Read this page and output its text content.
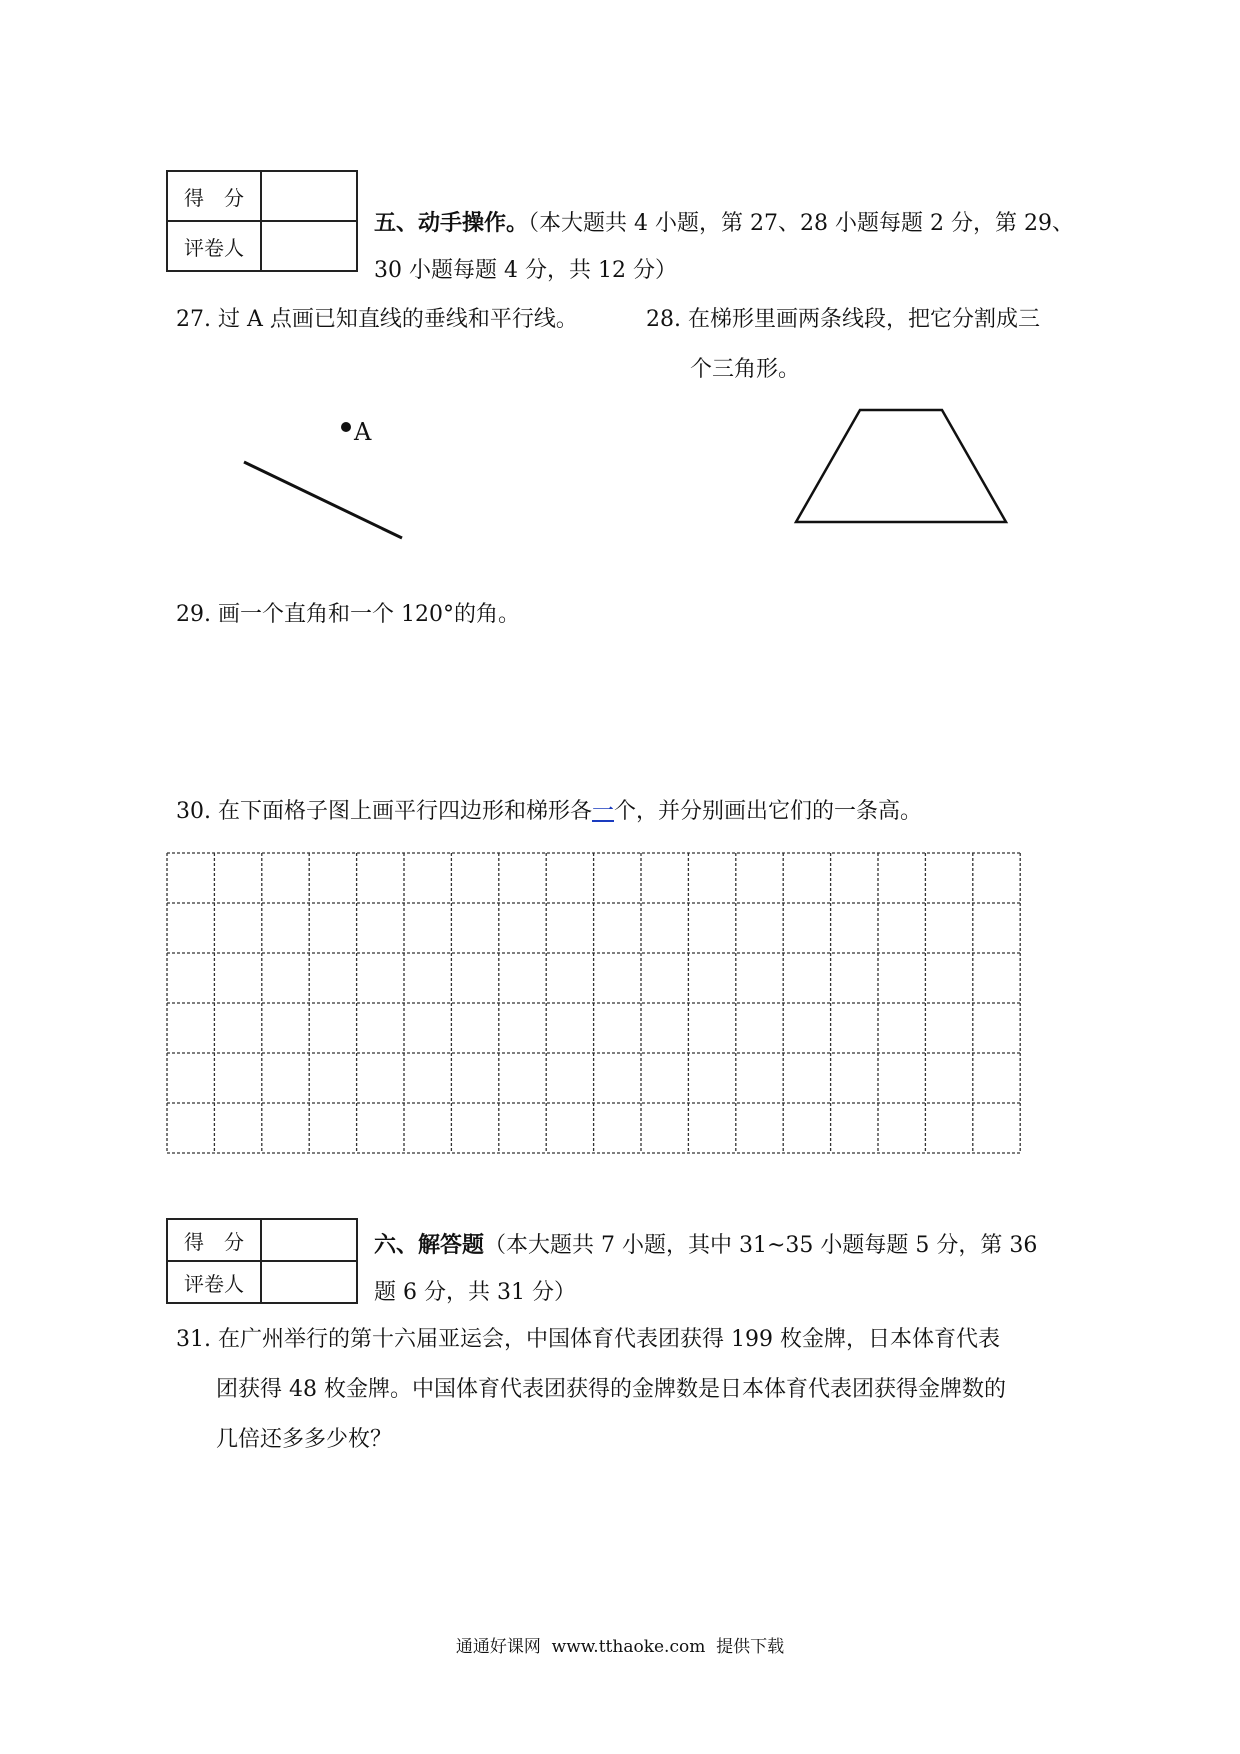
得　分	
评卷人	
五、动手操作。（本大题共 4 小题，第 27、28 小题每题 2 分，第 29、
30 小题每题 4 分，共 12 分）
27. 过 A 点画已知直线的垂线和平行线。	28. 在梯形里画两条线段，把它分割成三
个三角形。
A
29. 画一个直角和一个 120°的角。
30. 在下面格子图上画平行四边形和梯形各一个，并分别画出它们的一条高。
得　分	
评卷人	
六、解答题（本大题共 7 小题，其中 31~35 小题每题 5 分，第 36
题 6 分，共 31 分）
31. 在广州举行的第十六届亚运会，中国体育代表团获得 199 枚金牌，日本体育代表
团获得 48 枚金牌。中国体育代表团获得的金牌数是日本体育代表团获得金牌数的
几倍还多多少枚？
通通好课网  www.tthaoke.com  提供下载
